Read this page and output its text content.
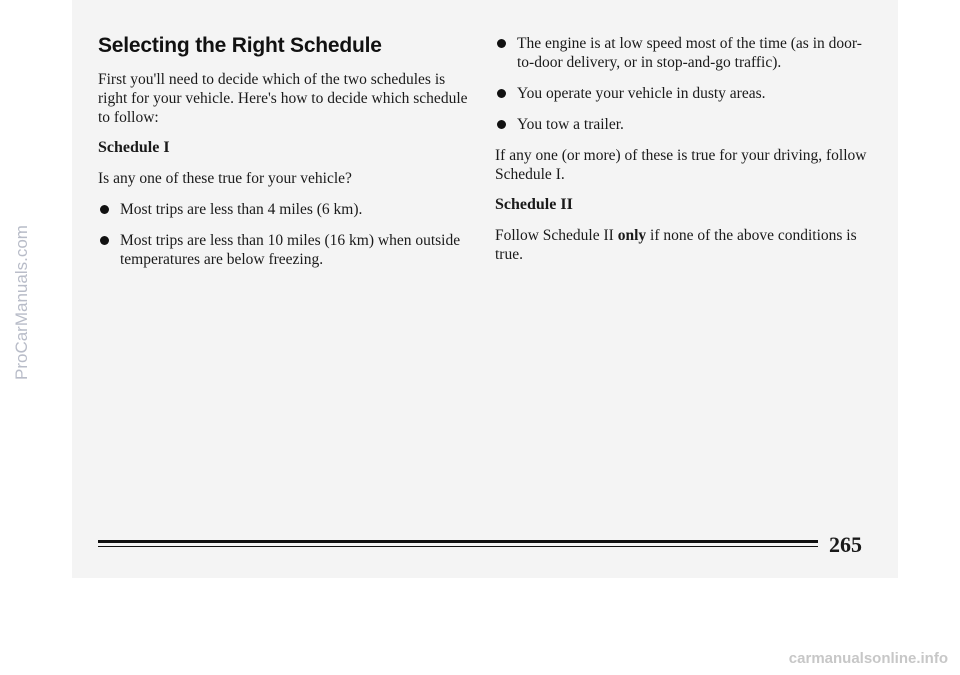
Selecting the Right Schedule

First you'll need to decide which of the two schedules is right for your vehicle. Here's how to decide which schedule to follow:

Schedule I

Is any one of these true for your vehicle?

Most trips are less than 4 miles (6 km).
Most trips are less than 10 miles (16 km) when outside temperatures are below freezing.
The engine is at low speed most of the time (as in door-to-door delivery, or in stop-and-go traffic).
You operate your vehicle in dusty areas.
You tow a trailer.

If any one (or more) of these is true for your driving, follow Schedule I.

Schedule II

Follow Schedule II only if none of the above conditions is true.

265
ProCarManuals.com
carmanualsonline.info
